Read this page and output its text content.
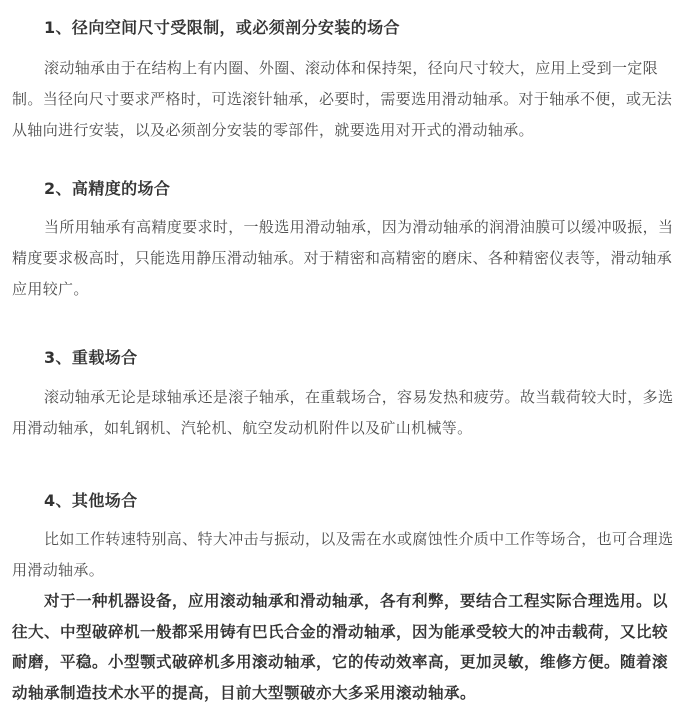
1、径向空间尺寸受限制，或必须剖分安装的场合
滚动轴承由于在结构上有内圈、外圈、滚动体和保持架，径向尺寸较大，应用上受到一定限制。当径向尺寸要求严格时，可选滚针轴承，必要时，需要选用滑动轴承。对于轴承不便，或无法从轴向进行安装，以及必须剖分安装的零部件，就要选用对开式的滑动轴承。
2、高精度的场合
当所用轴承有高精度要求时，一般选用滑动轴承，因为滑动轴承的润滑油膜可以缓冲吸振，当精度要求极高时，只能选用静压滑动轴承。对于精密和高精密的磨床、各种精密仪表等，滑动轴承应用较广。
3、重载场合
滚动轴承无论是球轴承还是滚子轴承，在重载场合，容易发热和疲劳。故当载荷较大时，多选用滑动轴承，如轧钢机、汽轮机、航空发动机附件以及矿山机械等。
4、其他场合
比如工作转速特别高、特大冲击与振动，以及需在水或腐蚀性介质中工作等场合，也可合理选用滑动轴承。
对于一种机器设备，应用滚动轴承和滑动轴承，各有利弊，要结合工程实际合理选用。以往大、中型破碎机一般都采用铸有巴氏合金的滑动轴承，因为能承受较大的冲击载荷，又比较耐磨，平稳。小型颚式破碎机多用滚动轴承，它的传动效率高，更加灵敏，维修方便。随着滚动轴承制造技术水平的提高，目前大型颚破亦大多采用滚动轴承。
